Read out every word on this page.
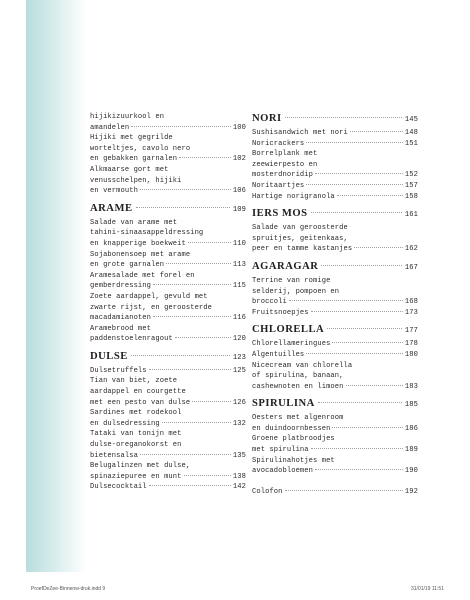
hijikizuurkool en
amandelen	100
Hijiki met gegrilde
worteltjes, cavolo nero
en gebakken garnalen	102
Alkmaarse gort met
venusschelpen, hijiki
en vermouth	106
ARAME	109
Salade van arame met
tahini-sinaasappeldressing
en knapperige boekweit	110
Sojabonensoep met arame
en grote garnalen	113
Aramesalade met forel en
gemberdressing	115
Zoete aardappel, gevuld met
zwarte rijst, en geroosterde
macadamianoten	116
Aramebrood met
paddenstoelenragout	120
DULSE	123
Dulsetruffels	125
Tian van biet, zoete
aardappel en courgette
met een pesto van dulse	126
Sardines met rodekool
en dulsedressing	132
Tataki van tonijn met
dulse-oreganokorst en
bietensalsa	135
Belugalinzen met dulse,
spinaziepuree en munt	138
Dulsecocktail	142
NORI	145
Sushisandwich met nori	148
Noricrackers	151
Borrelplank met
zeewierpesto en
mosterdnoridip	152
Noritaartjes	157
Hartige norigranola	158
IERS MOS	161
Salade van geroosterde
spruitjes, geitenkaas,
peer en tamme kastanjes	162
AGARAGAR	167
Terrine van romige
selderij, pompoen en
broccoli	168
Fruitsnoepjes	173
CHLORELLA	177
Chlorellameringues	178
Algentuilles	180
Nicecream van chlorella
of spirulina, banaan,
cashewnoten en limoen	183
SPIRULINA	185
Oesters met algenroom
en duindoornbessen	186
Groene platbroodjes
met spirulina	189
Spirulinahotjes met
avocadobloemen	190
Colofon	192
ProefDeZee-Binnenw-druk.indd 9	31/01/19 11:51
